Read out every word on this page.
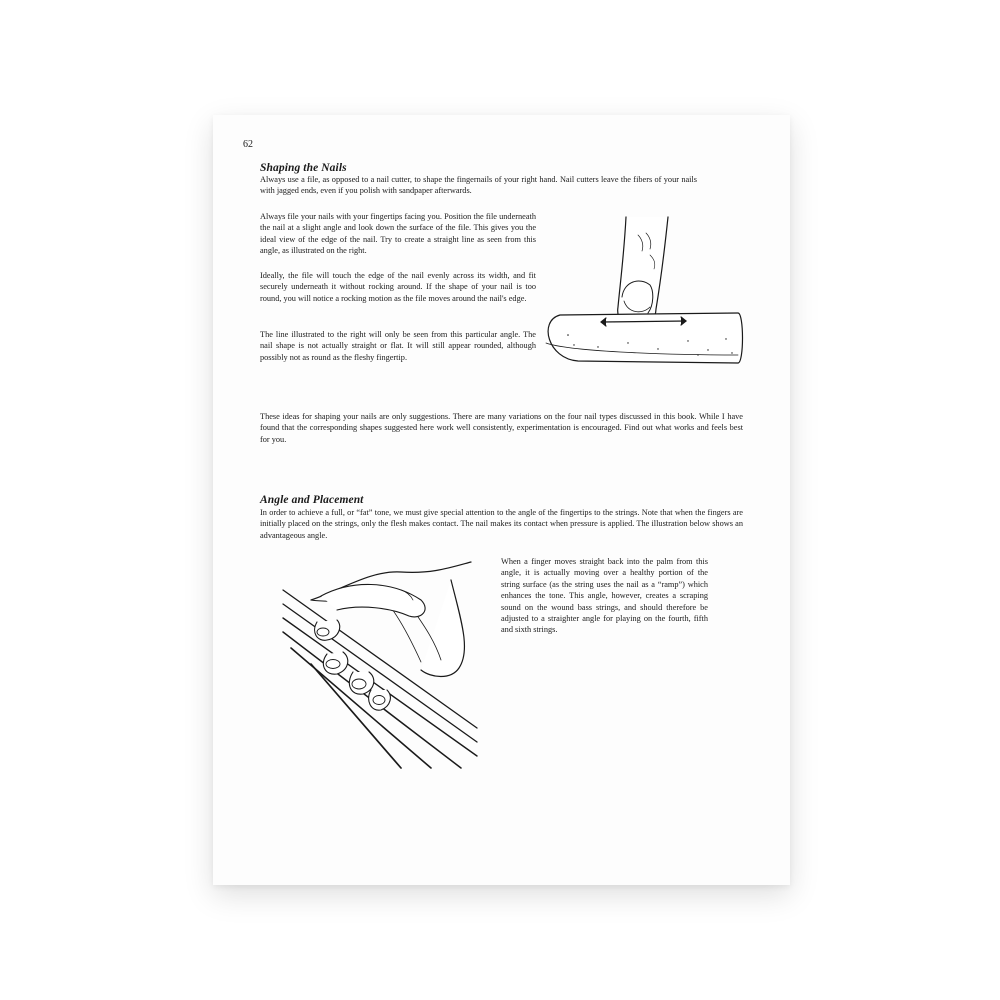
62
Shaping the Nails

Always use a file, as opposed to a nail cutter, to shape the fingernails of your right hand. Nail cutters leave the fibers of your nails with jagged ends, even if you polish with sandpaper afterwards.

Always file your nails with your fingertips facing you. Position the file underneath the nail at a slight angle and look down the surface of the file. This gives you the ideal view of the edge of the nail. Try to create a straight line as seen from this angle, as illustrated on the right.

Ideally, the file will touch the edge of the nail evenly across its width, and fit securely underneath it without rocking around. If the shape of your nail is too round, you will notice a rocking motion as the file moves around the nail's edge.

The line illustrated to the right will only be seen from this particular angle. The nail shape is not actually straight or flat. It will still appear rounded, although possibly not as round as the fleshy fingertip.

These ideas for shaping your nails are only suggestions. There are many variations on the four nail types discussed in this book. While I have found that the corresponding shapes suggested here work well consistently, experimentation is encouraged. Find out what works and feels best for you.

Angle and Placement

In order to achieve a full, or “fat” tone, we must give special attention to the angle of the fingertips to the strings. Note that when the fingers are initially placed on the strings, only the flesh makes contact. The nail makes its contact when pressure is applied. The illustration below shows an advantageous angle.

When a finger moves straight back into the palm from this angle, it is actually moving over a healthy portion of the string surface (as the string uses the nail as a “ramp”) which enhances the tone. This angle, however, creates a scraping sound on the wound bass strings, and should therefore be adjusted to a straighter angle for playing on the fourth, fifth and sixth strings.
